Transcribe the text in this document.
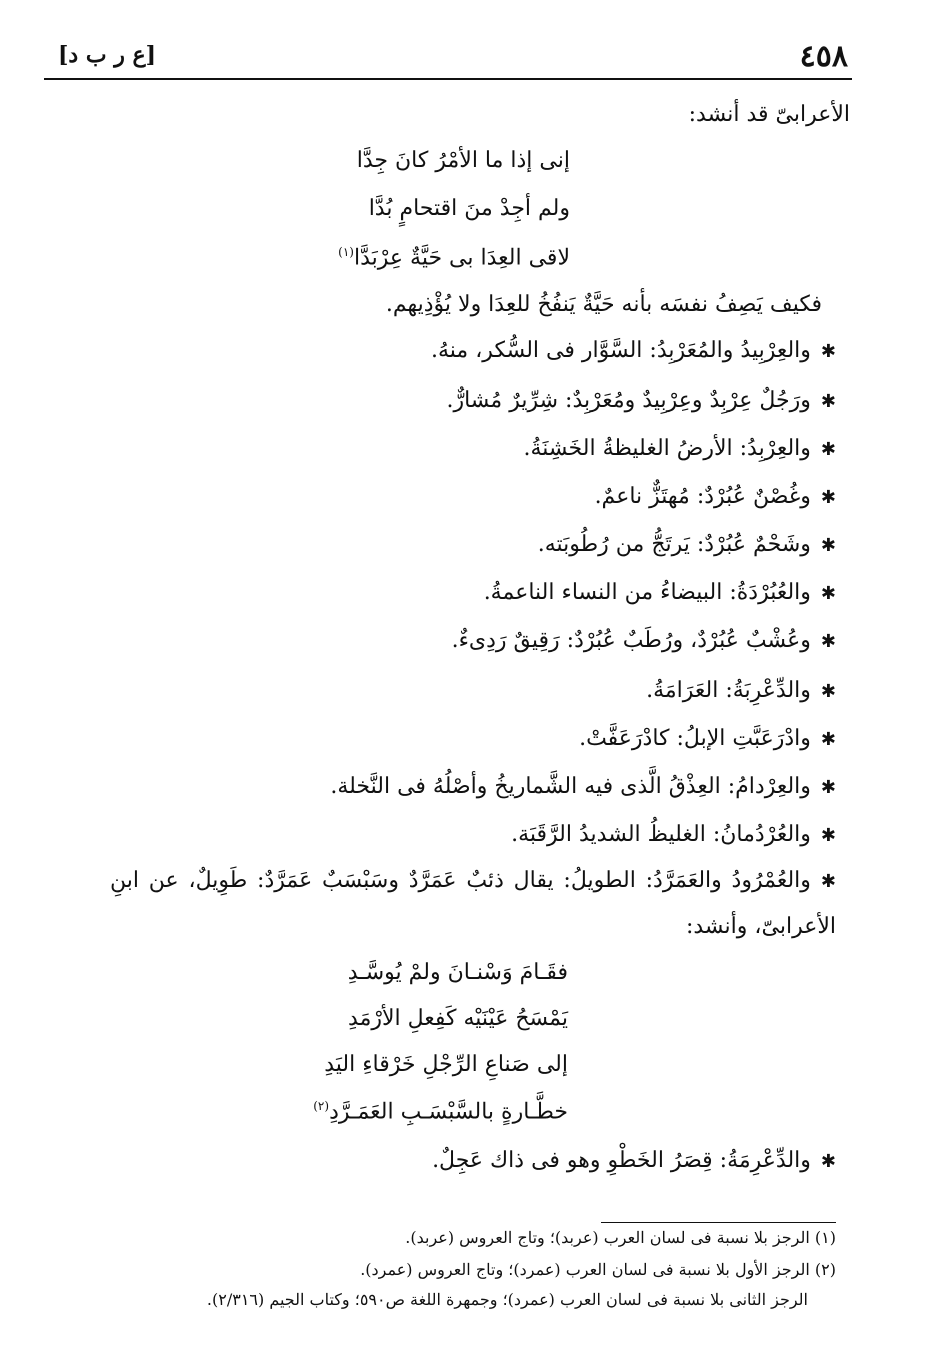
٤٥٨
[ع ر ب د]
الأعرابىّ قد أنشد:
إنى إذا ما الأمْرُ كانَ جِدَّا
ولم أجِدْ منَ اقتحامٍ بُدَّا
لاقى العِدَا بى حَيَّةٌ عِرْبَدَّا$^{(١)}$
فكيف يَصِفُ نفسَه بأنه حَيَّةٌ يَنفُخُ للعِدَا ولا يُؤْذِيهم.
✱والعِرْبِيدُ والمُعَرْبِدُ: السَّوَّار فى السُّكر، منهُ.
✱ورَجُلٌ عِرْبِدٌ وعِرْبِيدٌ ومُعَرْبِدٌ: شِرِّيرٌ مُشارٌّ.
✱والعِرْبِدُ: الأرضُ الغليظةُ الخَشِنَةُ.
✱وغُصْنٌ عُبُرْدٌ: مُهتَزٌّ ناعمٌ.
✱وشَحْمٌ عُبُرْدٌ: يَرتَجُّ من رُطُوبَته.
✱والعُبُرْدَةُ: البيضاءُ من النساء الناعمةُ.
✱وعُشْبٌ عُبُرْدٌ، ورُطَبٌ عُبُرْدٌ: رَقِيقٌ رَدِىءٌ.
✱والدِّعْرِبَةُ: العَرَامَةُ.
✱وادْرَعَبَّتِ الإبلُ: كادْرَعَفَّتْ.
✱والعِرْدامُ: العِذْقُ الَّذى فيه الشَّماريخُ وأصْلُهُ فى النَّخلة.
✱والعُرْدُمانُ: الغليظُ الشديدُ الرَّقَبَة.
✱والعُمْرُودُ والعَمَرَّدُ: الطويلُ: يقال ذئبٌ عَمَرَّدٌ وسَبْسَبٌ عَمَرَّدٌ: طَوِيلٌ، عن ابنِ
الأعرابىّ، وأنشد:
فقَـامَ وَسْنـانَ ولمْ يُوسَّـدِ
يَمْسَحُ عَيْنَيْه كَفِعلِ الأرْمَدِ
إلى صَناعِ الرِّجْلِ خَرْقاءِ اليَدِ
خطَّـارةٍ بالسَّبْسَـبِ العَمَـرَّدِ$^{(٢)}$
✱والدِّعْرِمَةُ: قِصَرُ الخَطْوِ وهو فى ذاك عَجِلٌ.
(١) الرجز بلا نسبة فى لسان العرب (عربد)؛ وتاج العروس (عربد).
(٢) الرجز الأول بلا نسبة فى لسان العرب (عمرد)؛ وتاج العروس (عمرد).
الرجز الثانى بلا نسبة فى لسان العرب (عمرد)؛ وجمهرة اللغة ص٥٩٠؛ وكتاب الجيم (٢/٣١٦).
